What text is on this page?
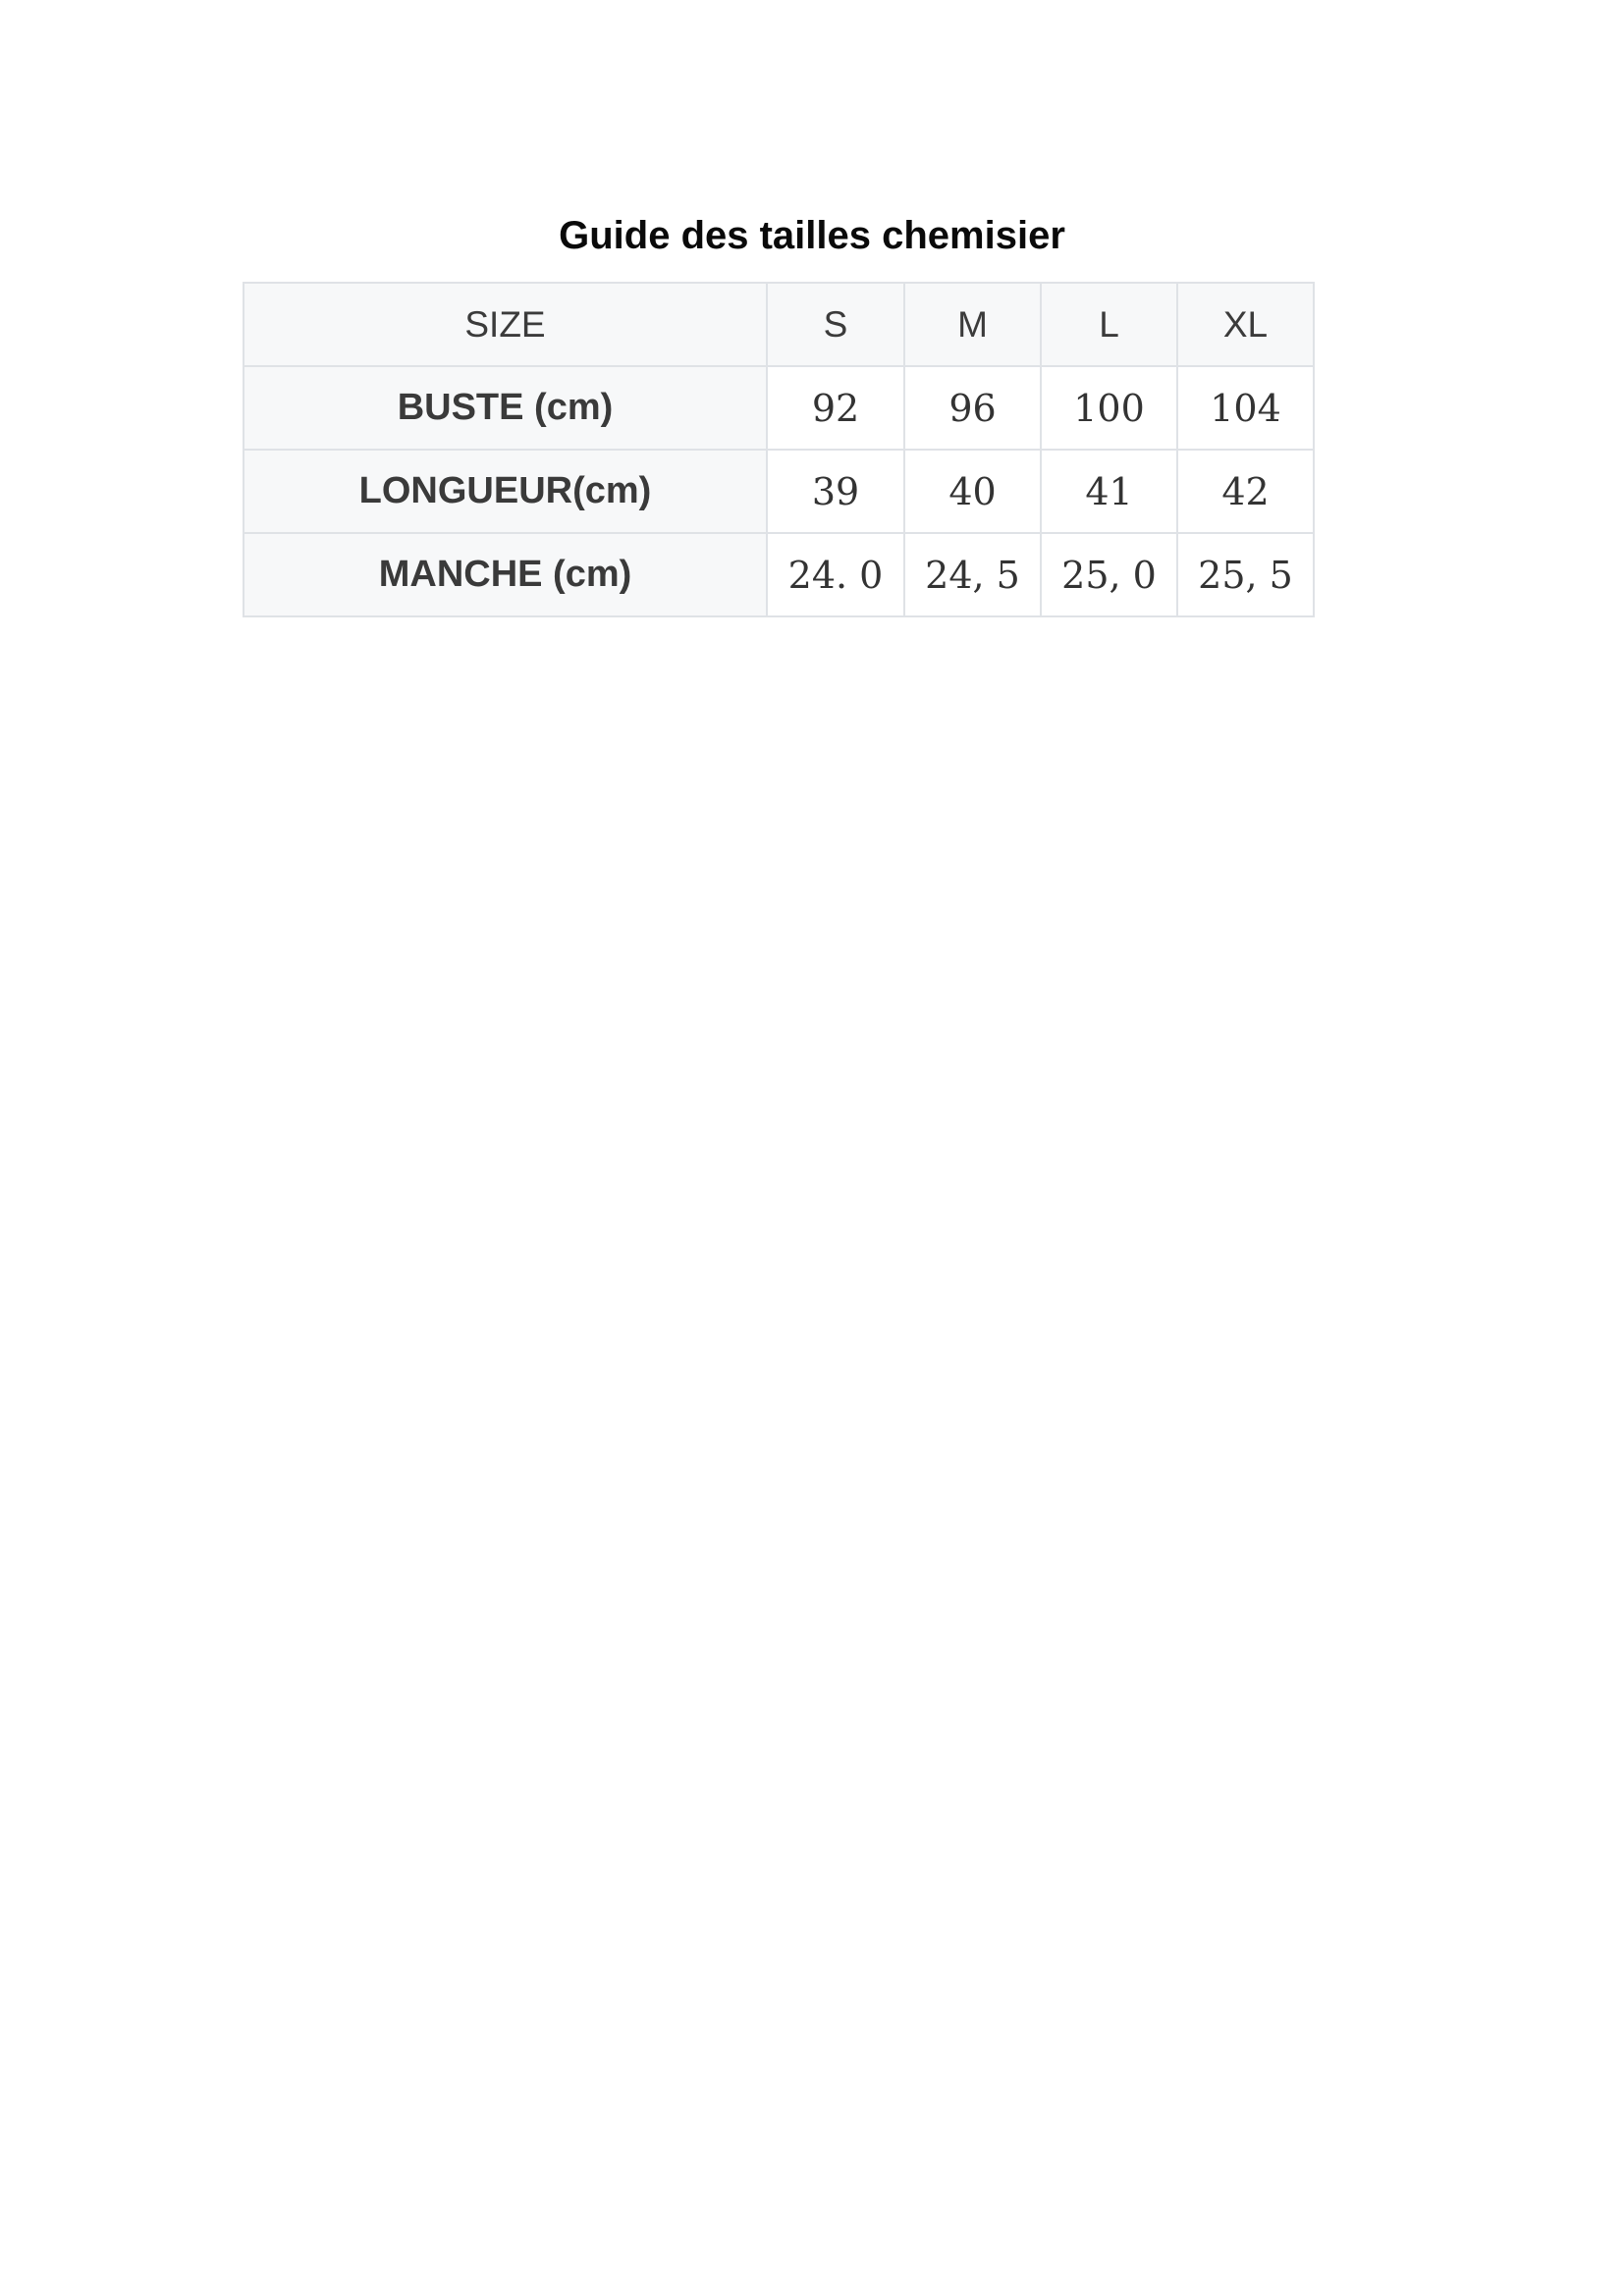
Guide des tailles chemisier
SIZE	S	M	L	XL
BUSTE (cm)	92	96	100	104
LONGUEUR(cm)	39	40	41	42
MANCHE (cm)	24. 0	24, 5	25, 0	25, 5
